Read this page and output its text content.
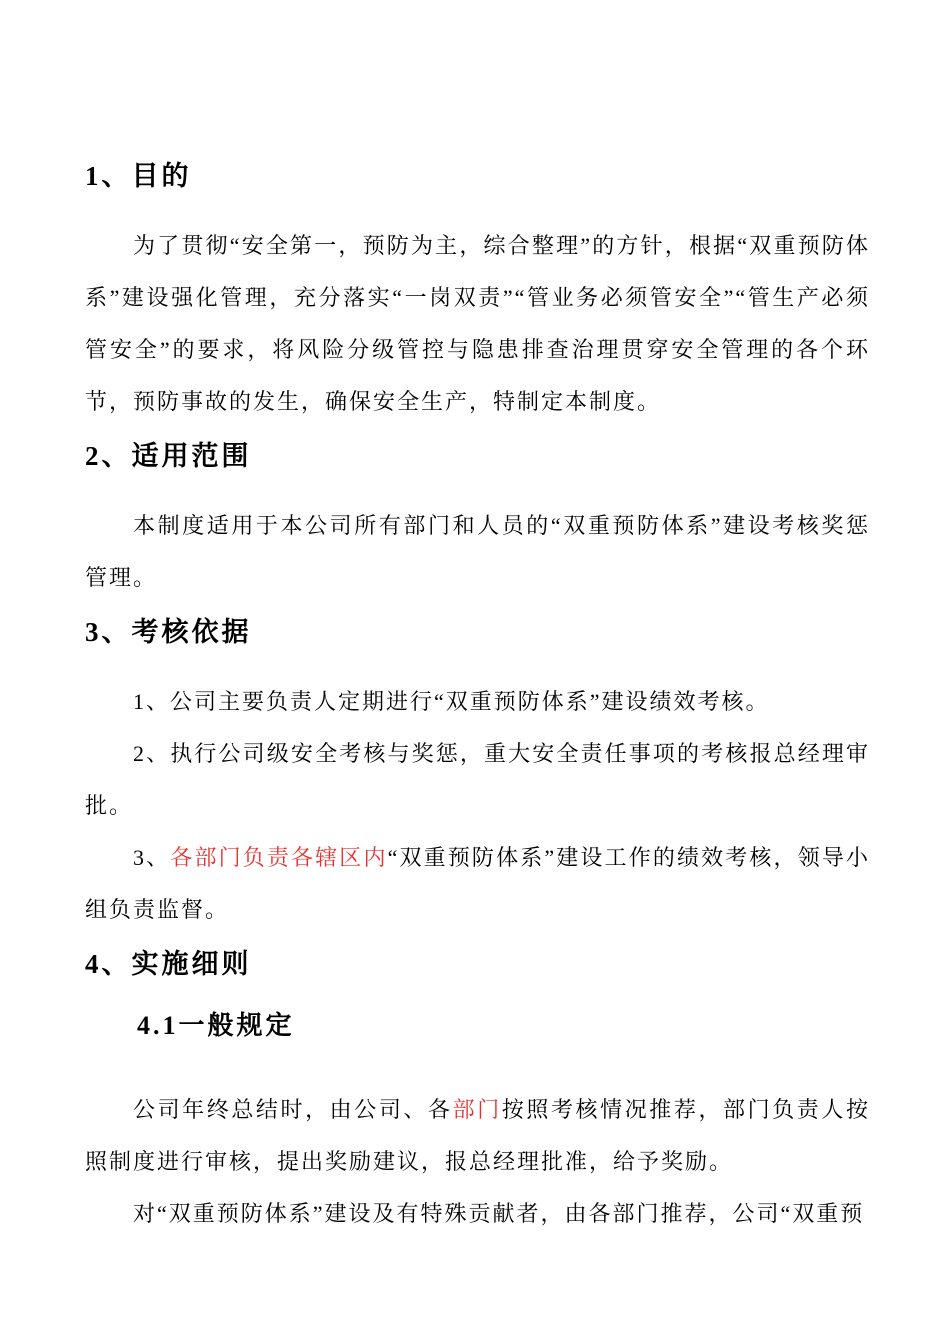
1、目的

为了贯彻“安全第一，预防为主，综合整理”的方针，根据“双重预防体系”建设强化管理，充分落实“一岗双责”“管业务必须管安全”“管生产必须管安全”的要求，将风险分级管控与隐患排查治理贯穿安全管理的各个环节，预防事故的发生，确保安全生产，特制定本制度。

2、适用范围

本制度适用于本公司所有部门和人员的“双重预防体系”建设考核奖惩管理。

3、考核依据

1、公司主要负责人定期进行“双重预防体系”建设绩效考核。

2、执行公司级安全考核与奖惩，重大安全责任事项的考核报总经理审批。

3、各部门负责各辖区内“双重预防体系”建设工作的绩效考核，领导小组负责监督。

4、实施细则
4.1一般规定

公司年终总结时，由公司、各部门按照考核情况推荐，部门负责人按照制度进行审核，提出奖励建议，报总经理批准，给予奖励。

对“双重预防体系”建设及有特殊贡献者，由各部门推荐，公司“双重预
